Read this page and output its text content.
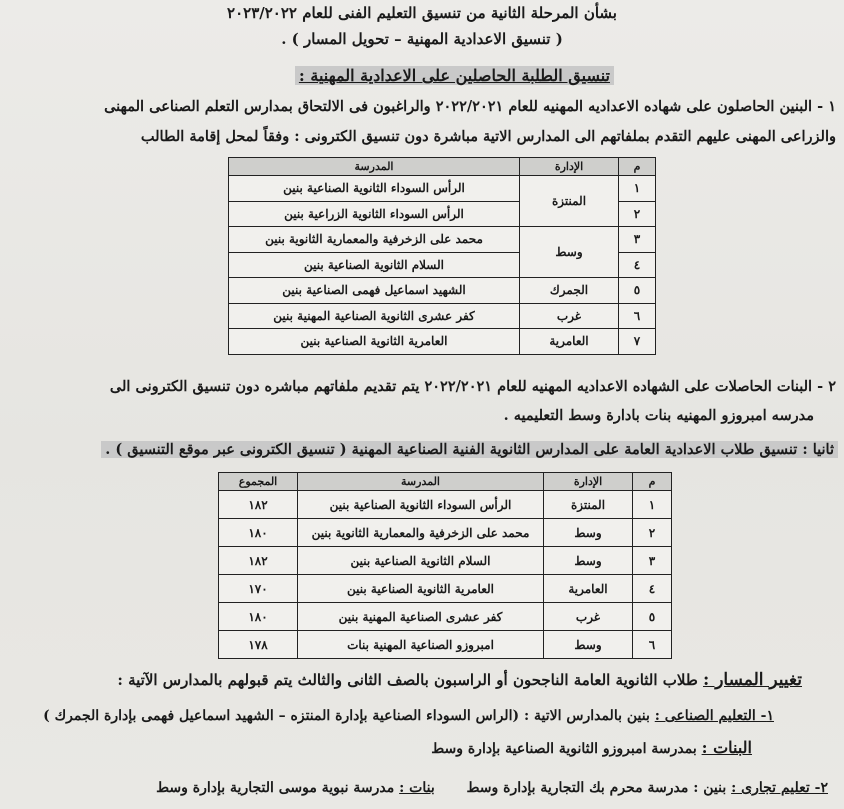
بشأن المرحلة الثانية من تنسيق التعليم الفنى للعام ٢٠٢٣/٢٠٢٢
( تنسيق الاعدادية المهنية – تحويل المسار ) .
تنسيق الطلبة الحاصلين على الاعدادية المهنية :
١ - البنين الحاصلون على شهاده الاعداديه المهنيه للعام ٢٠٢٢/٢٠٢١ والراغبون فى الالتحاق بمدارس التعلم الصناعى المهنى
والزراعى المهنى عليهم التقدم بملفاتهم الى المدارس الاتية مباشرة دون تنسيق الكترونى : وفقاً لمحل إقامة الطالب
م	الإدارة	المدرسة
١	المنتزة	الرأس السوداء الثانوية الصناعية بنين
٢		الرأس السوداء الثانوية الزراعية بنين
٣	وسط	محمد على الزخرفية والمعمارية الثانوية بنين
٤		السلام الثانوية الصناعية بنين
٥	الجمرك	الشهيد اسماعيل فهمى الصناعية بنين
٦	غرب	كفر عشرى الثانوية الصناعية المهنية بنين
٧	العامرية	العامرية الثانوية الصناعية بنين
٢ - البنات الحاصلات على الشهاده الاعداديه المهنيه للعام ٢٠٢٢/٢٠٢١ يتم تقديم ملفاتهم مباشره دون تنسيق الكترونى الى
مدرسه امبروزو المهنيه بنات بادارة وسط التعليميه .
ثانيا : تنسيق طلاب الاعدادية العامة على المدارس الثانوية الفنية الصناعية المهنية ( تنسيق الكترونى عبر موقع التنسيق ) .
م	الإدارة	المدرسة	المجموع
١	المنتزة	الرأس السوداء الثانوية الصناعية بنين	١٨٢
٢	وسط	محمد على الزخرفية والمعمارية الثانوية بنين	١٨٠
٣	وسط	السلام الثانوية الصناعية بنين	١٨٢
٤	العامرية	العامرية الثانوية الصناعية بنين	١٧٠
٥	غرب	كفر عشرى الصناعية المهنية بنين	١٨٠
٦	وسط	امبروزو الصناعية المهنية بنات	١٧٨
تغيير المسار : طلاب الثانوية العامة الناجحون أو الراسبون بالصف الثانى والثالث يتم قبولهم بالمدارس الآتية :
١- التعليم الصناعى : بنين بالمدارس الاتية : (الراس السوداء الصناعية بإدارة المنتزه – الشهيد اسماعيل فهمى بإدارة الجمرك )
البنات : بمدرسة امبروزو الثانوية الصناعية بإدارة وسط
٢- تعليم تجارى : بنين : مدرسة محرم بك التجارية بإدارة وسط  بنات : مدرسة نبوية موسى التجارية بإدارة وسط
